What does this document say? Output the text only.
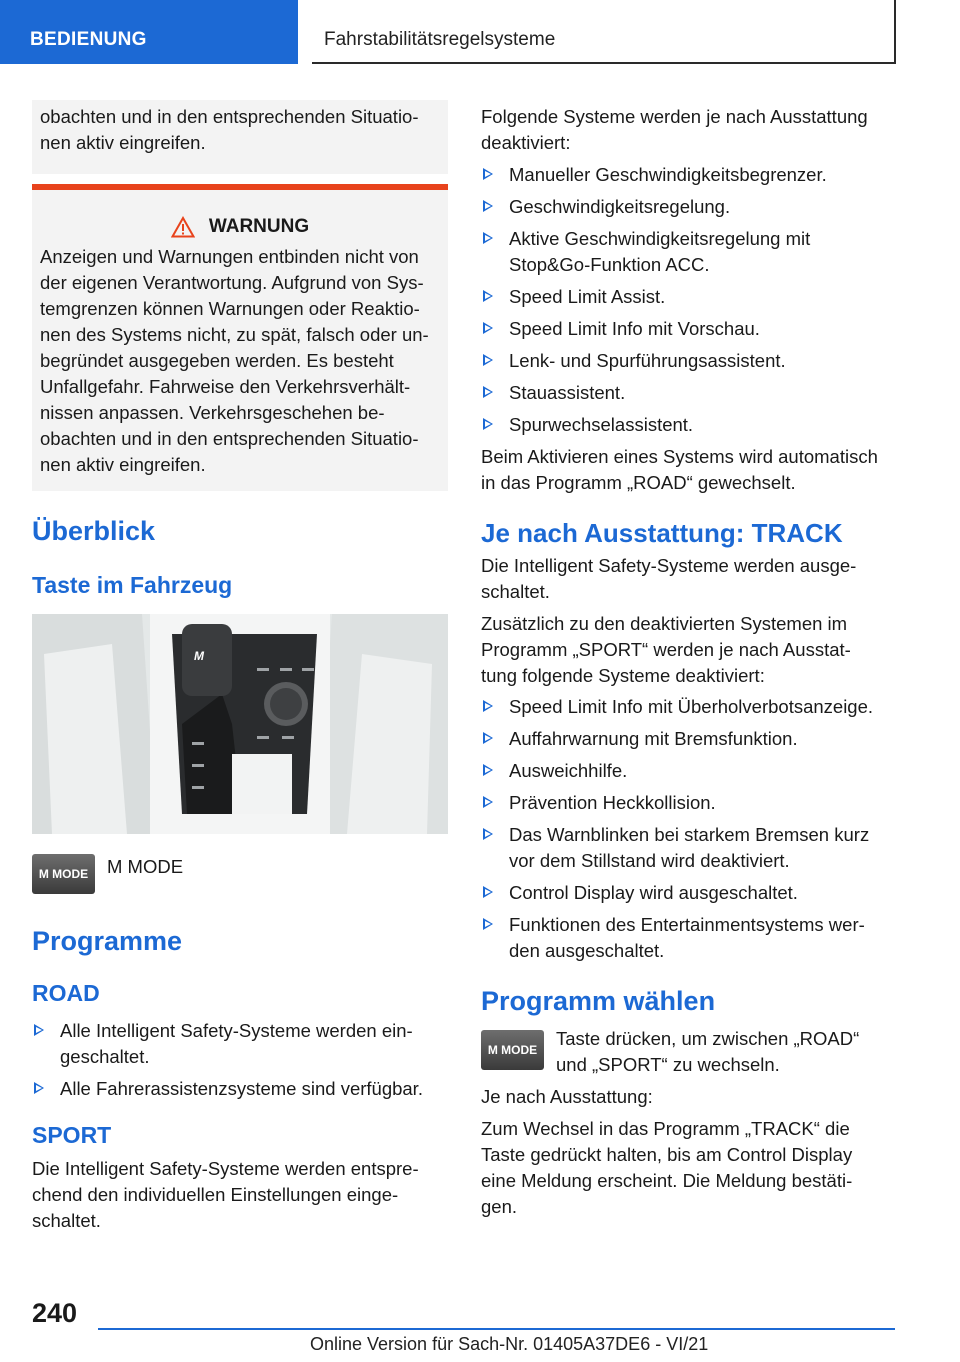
BEDIENUNG	Fahrstabilitätsregelsysteme

obachten und in den entsprechenden Situatio-

nen aktiv eingreifen.

WARNUNG

Anzeigen und Warnungen entbinden nicht von

der eigenen Verantwortung. Aufgrund von Sys-

temgrenzen können Warnungen oder Reaktio-

nen des Systems nicht, zu spät, falsch oder un-

begründet ausgegeben werden. Es besteht

Unfallgefahr. Fahrweise den Verkehrsverhält-

nissen anpassen. Verkehrsgeschehen be-

obachten und in den entsprechenden Situatio-

nen aktiv eingreifen.

Überblick
Taste im Fahrzeug
M
M MODE	M MODE

Programme
ROAD
Alle Intelligent Safety-Systeme werden ein-
geschaltet.
Alle Fahrerassistenzsysteme sind verfügbar.
SPORT

Die Intelligent Safety-Systeme werden entspre-

chend den individuellen Einstellungen einge-

schaltet.

Folgende Systeme werden je nach Ausstattung

deaktiviert:

Manueller Geschwindigkeitsbegrenzer.
Geschwindigkeitsregelung.
Aktive Geschwindigkeitsregelung mit
Stop&Go-Funktion ACC.
Speed Limit Assist.
Speed Limit Info mit Vorschau.
Lenk- und Spurführungsassistent.
Stauassistent.
Spurwechselassistent.

Beim Aktivieren eines Systems wird automatisch

in das Programm „ROAD“ gewechselt.

Je nach Ausstattung: TRACK

Die Intelligent Safety-Systeme werden ausge-

schaltet.

Zusätzlich zu den deaktivierten Systemen im

Programm „SPORT“ werden je nach Ausstat-

tung folgende Systeme deaktiviert:

Speed Limit Info mit Überholverbotsanzeige.
Auffahrwarnung mit Bremsfunktion.
Ausweichhilfe.
Prävention Heckkollision.
Das Warnblinken bei starkem Bremsen kurz
vor dem Stillstand wird deaktiviert.
Control Display wird ausgeschaltet.
Funktionen des Entertainmentsystems wer-
den ausgeschaltet.
Programm wählen
M MODE

Taste drücken, um zwischen „ROAD“

und „SPORT“ zu wechseln.

Je nach Ausstattung:

Zum Wechsel in das Programm „TRACK“ die

Taste gedrückt halten, bis am Control Display

eine Meldung erscheint. Die Meldung bestäti-

gen.

240
Online Version für Sach-Nr. 01405A37DE6 - VI/21
